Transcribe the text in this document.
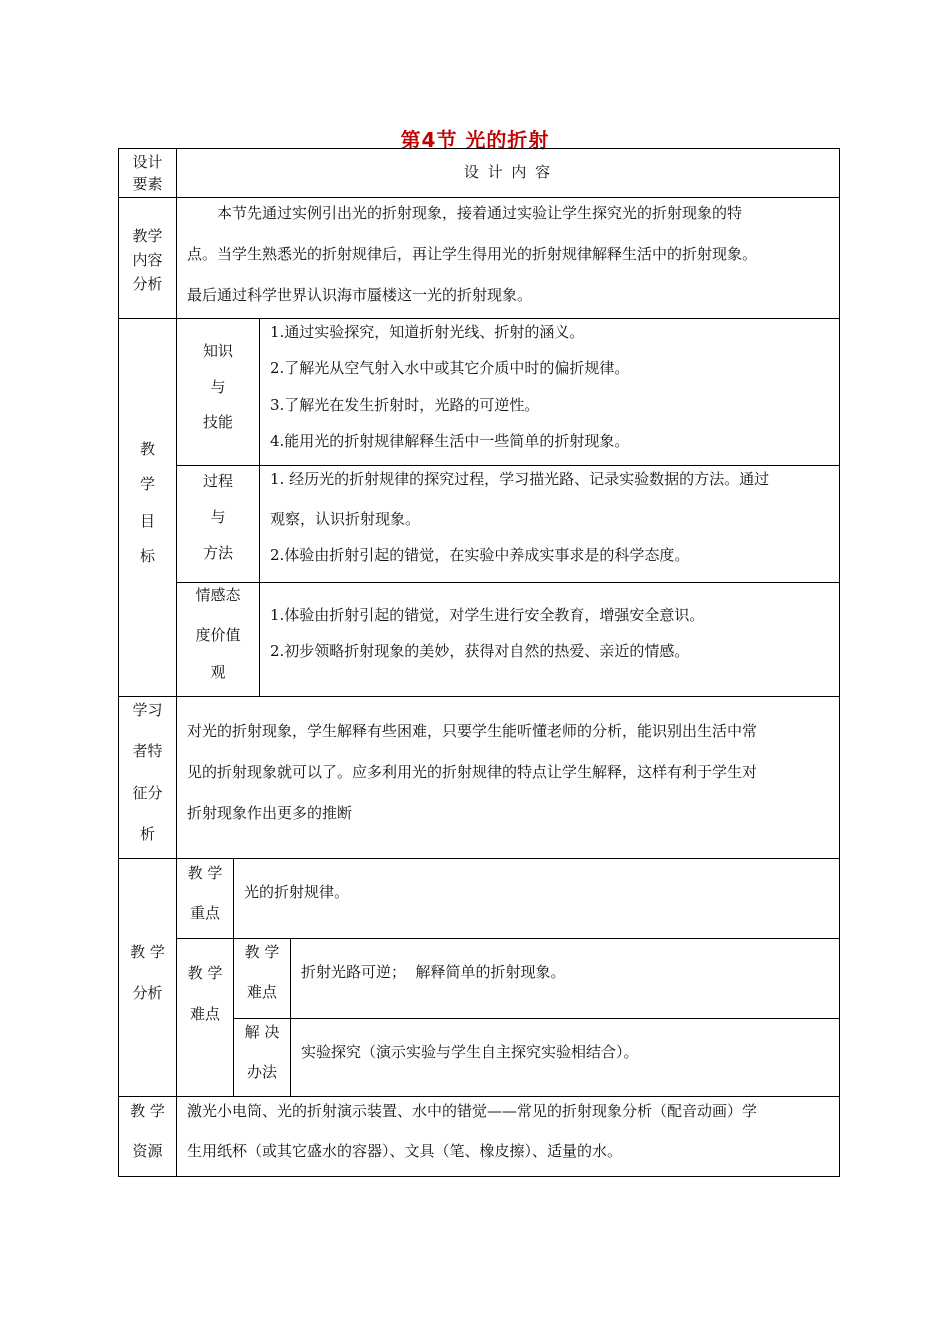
第4节 光的折射
设计
要素
设 计 内 容
教学
内容
分析
本节先通过实例引出光的折射现象，接着通过实验让学生探究光的折射现象的特
点。当学生熟悉光的折射规律后，再让学生得用光的折射规律解释生活中的折射现象。
最后通过科学世界认识海市蜃楼这一光的折射现象。
教
学
目
标
知识
与
技能
1.通过实验探究，知道折射光线、折射的涵义。
2.了解光从空气射入水中或其它介质中时的偏折规律。
3.了解光在发生折射时，光路的可逆性。
4.能用光的折射规律解释生活中一些简单的折射现象。
过程
与
方法
1. 经历光的折射规律的探究过程，学习描光路、记录实验数据的方法。通过
观察，认识折射现象。
2.体验由折射引起的错觉，在实验中养成实事求是的科学态度。
情感态
度价值
观
1.体验由折射引起的错觉，对学生进行安全教育，增强安全意识。
2.初步领略折射现象的美妙，获得对自然的热爱、亲近的情感。
学习
者特
征分
析
对光的折射现象，学生解释有些困难，只要学生能听懂老师的分析，能识别出生活中常
见的折射现象就可以了。应多利用光的折射规律的特点让学生解释，这样有利于学生对
折射现象作出更多的推断
教 学
分析
教 学
重点
光的折射规律。
教 学
难点
教 学
难点
折射光路可逆；  解释简单的折射现象。
解 决
办法
实验探究（演示实验与学生自主探究实验相结合）。
教 学
资源
激光小电筒、光的折射演示装置、水中的错觉——常见的折射现象分析（配音动画）学
生用纸杯（或其它盛水的容器）、文具（笔、橡皮擦）、适量的水。
